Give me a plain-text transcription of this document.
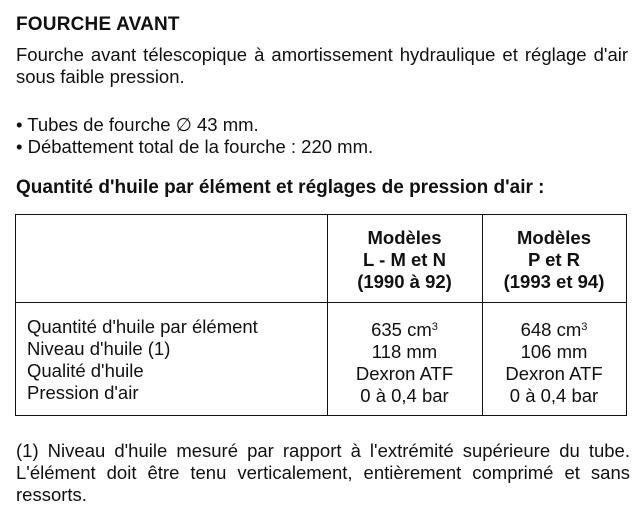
FOURCHE AVANT
Fourche avant télescopique à amortissement hydraulique et réglage d'air sous faible pression.
• Tubes de fourche ∅ 43 mm.
• Débattement total de la fourche : 220 mm.
Quantité d'huile par élément et réglages de pression d'air :
Modèles
L - M et N
(1990 à 92)
Modèles
P et R
(1993 et 94)
Quantité d'huile par élément
Niveau d'huile (1)
Qualité d'huile
Pression d'air
635 $cm^3$
118 mm
Dexron ATF
0 à 0,4 bar
648 $cm^3$
106 mm
Dexron ATF
0 à 0,4 bar
(1) Niveau d'huile mesuré par rapport à l'extrémité supérieure du tube. L'élément doit être tenu verticalement, entièrement comprimé et sans ressorts.
